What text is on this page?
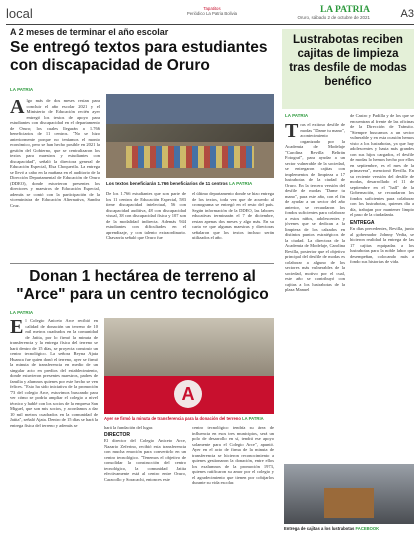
local	Tapatitos
Periódico La Patria Bolivia	LA PATRIA
Oruro, sábado 2 de octubre de 2021	A3
A 2 meses de terminar el año escolar
Se entregó textos para estudiantes con discapacidad de Oruro
LA PATRIA
Algo más de dos meses restan para concluir el año escolar 2021 y el Ministerio de Educación recién ayer entregó los textos de apoyo para estudiantes con discapacidad en el departamento de Oruro; los cuales llegarán a 1.766 beneficiarios de 11 centros. "No se hizo anteriormente porque no teníamos el monto económico, pero se han hecho posible en 2021 la gestión del Gobierno, que se centralizaron los textos para maestros y estudiantes con discapacidad", señaló la directora general de Educación Especial, Elsa Choquerila. La entrega se llevó a cabo en la mañana en el auditorio de la Dirección Departamental de Educación de Oruro (DDEO), donde estuvieron presentes los directores y maestros de Educación Especial, además se contó con la participación de la viceministra de Educación Alternativa, Sandra Cruz.
Los textos beneficiarán 1.766 beneficiarios de 11 centros LA PATRIA
De los 1.766 estudiantes que son parte de los 11 centros de Educación Especial, 583 tiene discapacidad intelectual, 56 con discapacidad auditiva, 48 con discapacidad visual, 38 con discapacidad física y 107 son de la modalidad indirecta. Además 944 estudiantes con dificultades en el aprendizaje, y con talento extraordinario. Chavarría señaló que Oruro fue
el último departamento donde se hizo entrega de los textos, toda vez que de acuerdo al cronograma se entregó en el resto del país. Según información de la DDEO, las labores educativas terminarán el 7 de diciembre, restan apenas dos meses y algo más. En su carta ve que algunas maestras y directoras señalaron que los textos incluso serán utilizados el año.
Lustrabotas reciben cajitas de limpieza tras desfile de modas benéfico
LA PATRIA
Tras el exitoso desfile de modas "Dame tu mano", acontecimiento organizado por la Academia de Modelaje "Carolina Revilla Beltrán Fotograf", para ayudar a un sector vulnerable de la sociedad, se entregaron cajitas con implementos de limpieza a 17 lustrabotas de la ciudad de Oruro. En la tercera versión del desfile de modas "Dame tu mano", para este año, con el fin de ayudar a un sector del año anterior, se recaudaron los fondos suficientes para colaborar a estos niños, adolescentes y jóvenes que se dedican a la limpieza de los calzados en distintos puntos estratégicos de la ciudad. La directora de la Academia de Modelaje, Carolina Revilla, posterior que el objetivo principal del desfile de modas es colaborar a alguno de los sectores más vulnerables de la sociedad, motivo por el cual, este año se contribuyó con cajitas a los lustrabotas de la plaza Manuel
de Castro y Padilla y de los que se encuentran al frente de las oficinas de la Dirección de Tránsito. "Siempre buscamos a un sector vulnerable y en esta ocasión hemos visto a los lustrabotas, ya que hay adolescentes y hasta más grandes con sus hijos cargados, el desfile de modas lo hemos hecho por ellos en septiembre, es el mes de la primavera", mencionó Revilla. En su reciente versión del desfile de modas, desarrollado el 11 de septiembre en el "hall" de la Gobernación, se recaudaron los fondos suficientes para colaborar con los lustrabotas, quienes día a día, trabajan por mantener limpio el paso de la ciudadanía.
ENTREGA
En días precedentes, Revilla, junto al gobernador Johnny Vedia, se hicieron realidad la entrega de las 17 cajitas equipadas a los lustrabotas para la noble labor que desempeñan, colocando más a fondo sus historias de vida.
Entrega de cajitas a los lustrabotas FACEBOOK
Donan 1 hectárea de terreno al "Arce" para un centro tecnológico
LA PATRIA
El Colegio Aniceto Arce recibió en calidad de donación un terreno de 10 mil metros cuadrados en la comunidad de Jatita, por lo firmó la minuta de transferencia y la entrega física del terreno se hará dentro de 15 días, se proyecta construir un centro tecnológico. La señora Reyna Ajata Huanca fue quien donó el terreno, ayer se firmó la minuta de transferencia en medio de un singular acto en predios del establecimiento, donde estuvieron presentes maestros, padres de familia y alumnos quienes por este hecho se ven felices. "Esto ha sido iniciativa de la promoción '73 del colegio Arce, estuvimos buscando para ver cómo se podría ampliar el colegio a nivel técnico y hablé con los socios de la empresa San Miguel, que son mis socios, y acordamos a dar 10 mil metros cuadrados en la comunidad de Jatita", señaló Ajata. Dentro de 15 días se hará la entrega física del terreno y además se
A
Ayer se firmó la minuta de transferencia para la donación del terreno LA PATRIA
hará la fundación del lugar.
DIRECTOR
El director del Colegio Aniceto Arce, Nazario Zeferino, recibió esta transferencia con mucha emoción para convertirlo en un centro tecnológico. "Tenemos el objetivo de consolidar la construcción del centro tecnológico, la comunidad Jatita efectivamente está al centro entre Oruro, Caracollo y Soracachi, entonces este
centro tecnológico tendría su área de influencia en esos tres municipios, será un polo de desarrollo en sí, tendrá ese apoyo solamente para el Colegio Arce", apuntó. Ayer en el acto de firma de la minuta de transferencia se hicieron reconocimiento a quienes gestionaron la donación, entre ellos los exalumnos de la promoción 1973, quienes ratificaron su amor por el colegio y el agradecimiento que tienen por cobijarlos durante su vida escolar.
